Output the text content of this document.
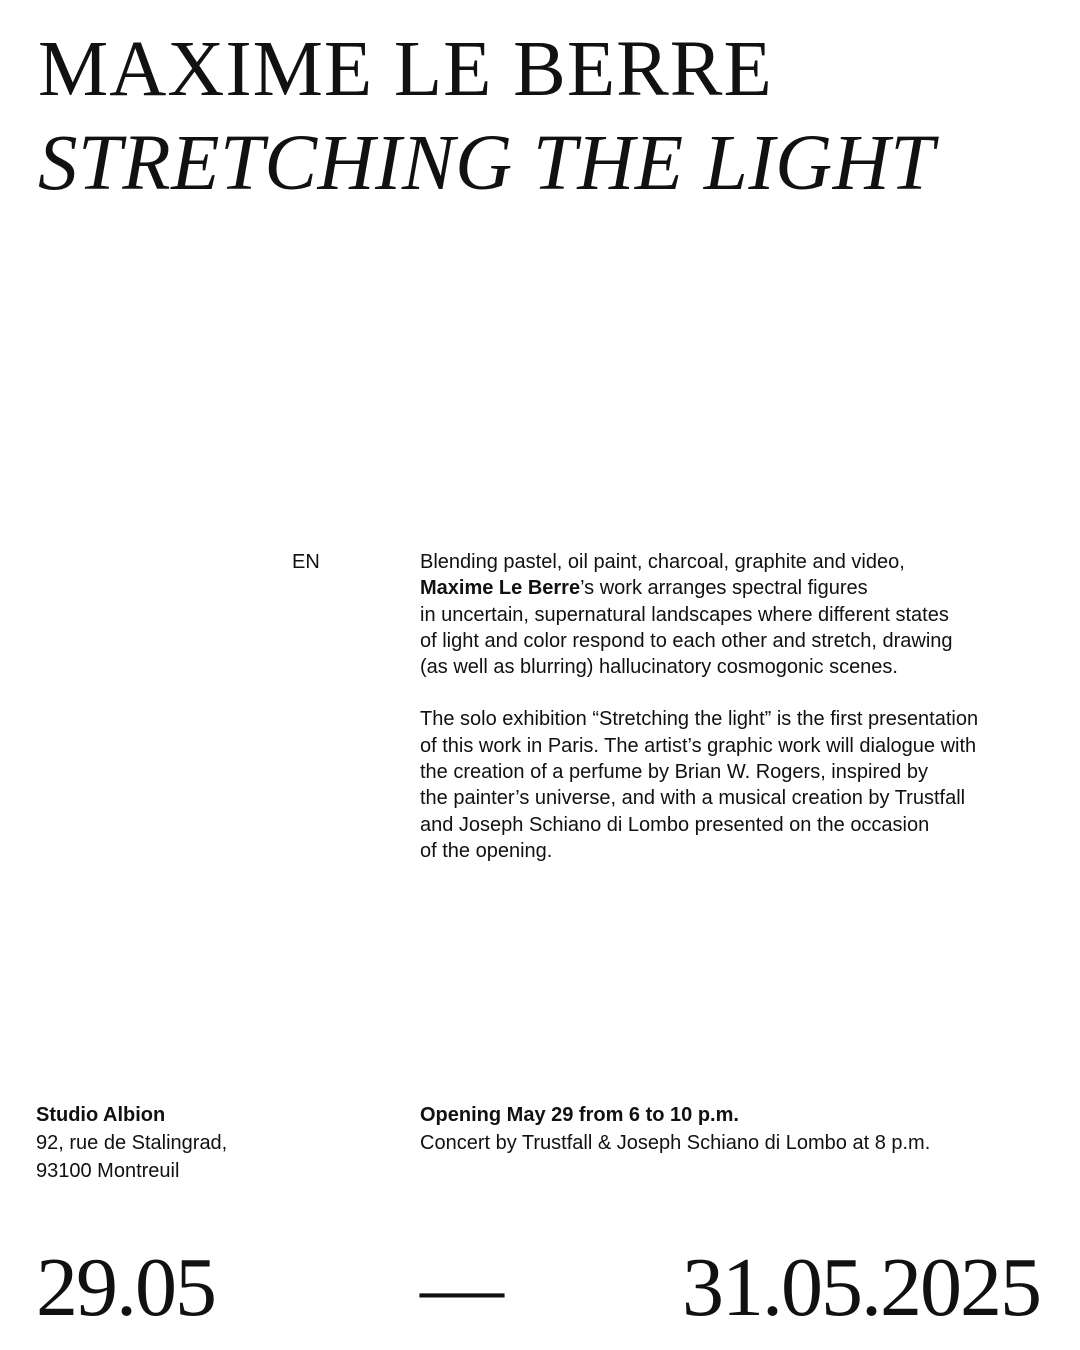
MAXIME LE BERRE
STRETCHING THE LIGHT
EN	Blending pastel, oil paint, charcoal, graphite and video,
Maxime Le Berre’s work arranges spectral figures
in uncertain, supernatural landscapes where different states
of light and color respond to each other and stretch, drawing
(as well as blurring) hallucinatory cosmogonic scenes.

The solo exhibition “Stretching the light” is the first presentation
of this work in Paris. The artist’s graphic work will dialogue with
the creation of a perfume by Brian W. Rogers, inspired by
the painter’s universe, and with a musical creation by Trustfall
and Joseph Schiano di Lombo presented on the occasion
of the opening.

Studio Albion
92, rue de Stalingrad,
93100 Montreuil
Opening May 29 from 6 to 10 p.m.
Concert by Trustfall & Joseph Schiano di Lombo at 8 p.m.
29.05 — 31.05.2025
